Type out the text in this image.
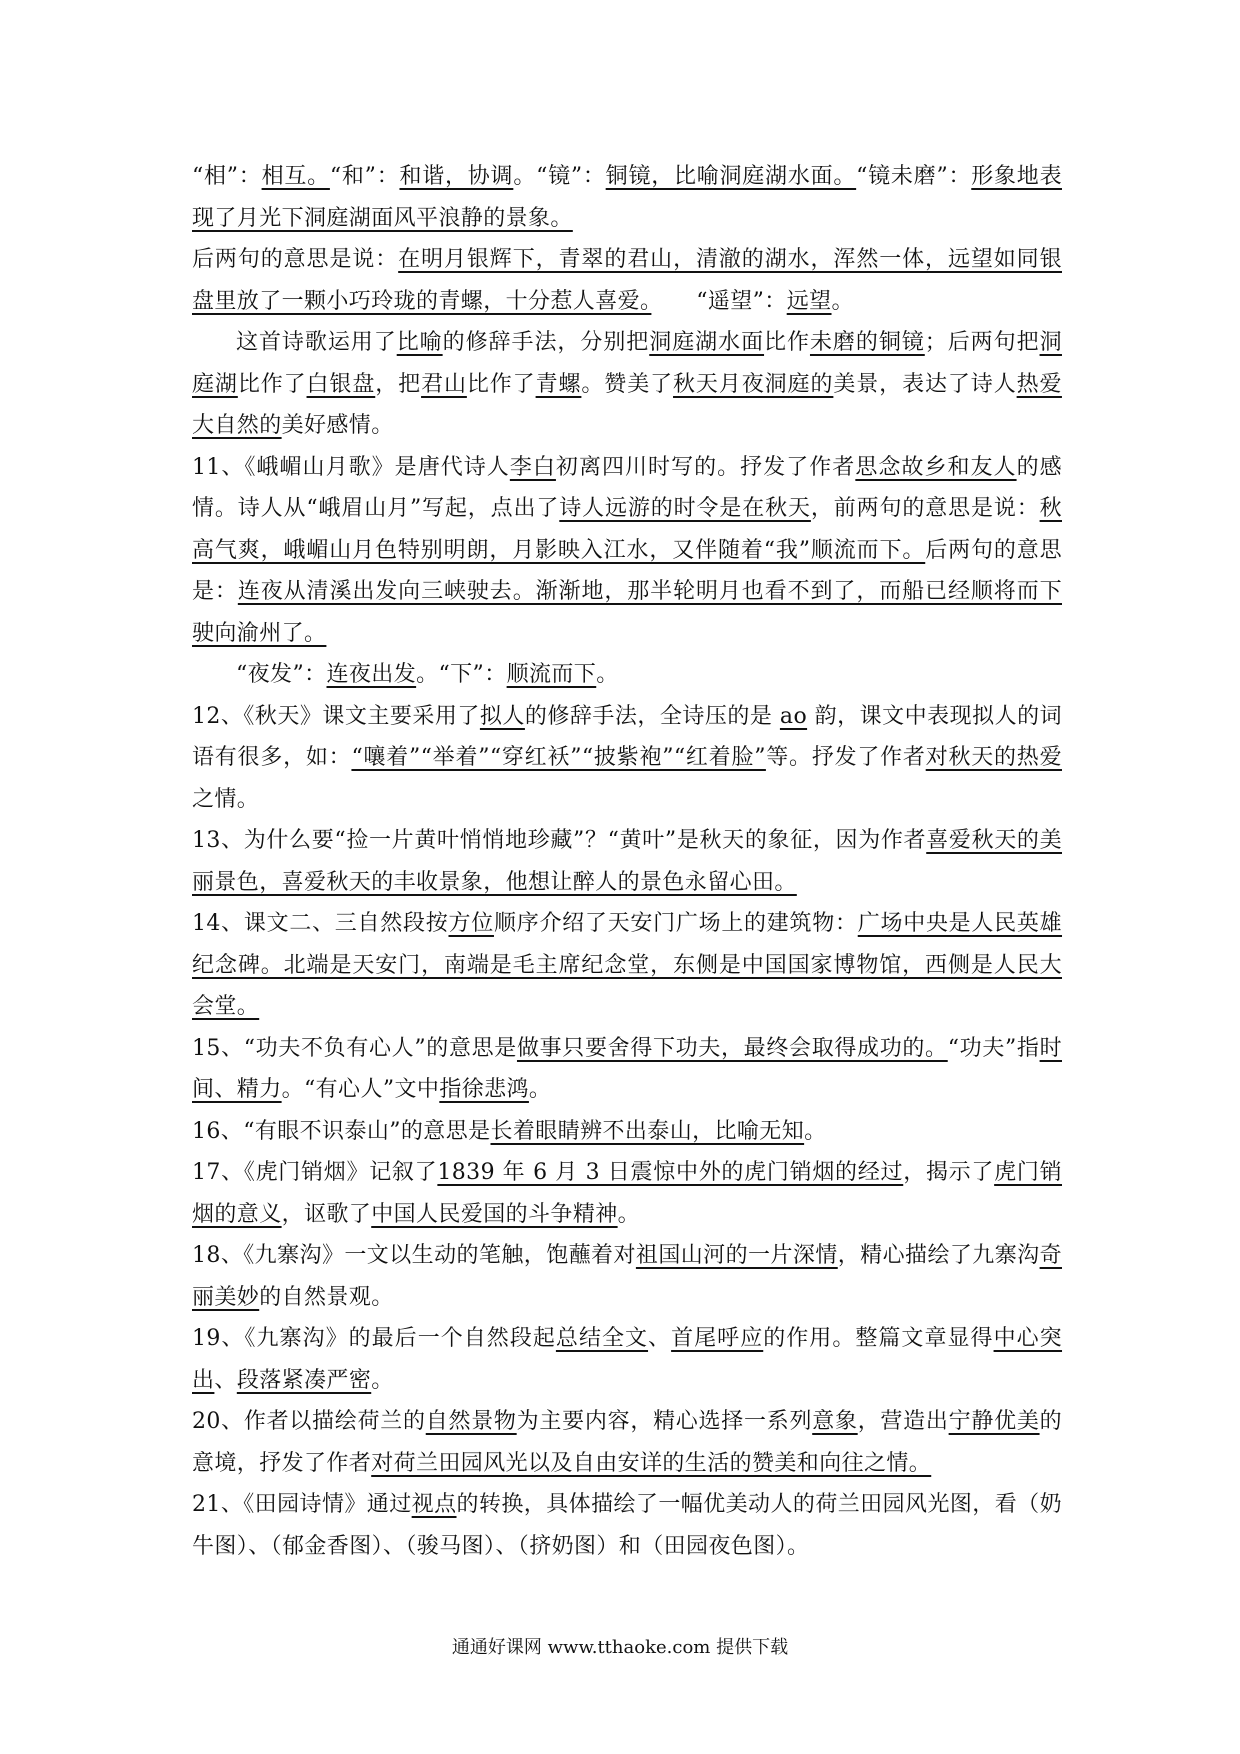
“相”：相互。“和”：和谐，协调。“镜”：铜镜，比喻洞庭湖水面。“镜未磨”：形象地表现了月光下洞庭湖面风平浪静的景象。

后两句的意思是说：在明月银辉下，青翠的君山，清澈的湖水，浑然一体，远望如同银盘里放了一颗小巧玲珑的青螺，十分惹人喜爱。　　“遥望”：远望。

这首诗歌运用了比喻的修辞手法，分别把洞庭湖水面比作未磨的铜镜；后两句把洞庭湖比作了白银盘，把君山比作了青螺。赞美了秋天月夜洞庭的美景，表达了诗人热爱大自然的美好感情。

11、《峨嵋山月歌》是唐代诗人李白初离四川时写的。抒发了作者思念故乡和友人的感情。诗人从“峨眉山月”写起，点出了诗人远游的时令是在秋天，前两句的意思是说：秋高气爽，峨嵋山月色特别明朗，月影映入江水，又伴随着“我”顺流而下。后两句的意思是：连夜从清溪出发向三峡驶去。渐渐地，那半轮明月也看不到了，而船已经顺将而下驶向渝州了。

“夜发”：连夜出发。“下”：顺流而下。

12、《秋天》课文主要采用了拟人的修辞手法，全诗压的是 ao 韵，课文中表现拟人的词语有很多，如：“嚷着”“举着”“穿红袄”“披紫袍”“红着脸”等。抒发了作者对秋天的热爱之情。

13、为什么要“捡一片黄叶悄悄地珍藏”？“黄叶”是秋天的象征，因为作者喜爱秋天的美丽景色，喜爱秋天的丰收景象，他想让醉人的景色永留心田。

14、课文二、三自然段按方位顺序介绍了天安门广场上的建筑物：广场中央是人民英雄纪念碑。北端是天安门，南端是毛主席纪念堂，东侧是中国国家博物馆，西侧是人民大会堂。

15、“功夫不负有心人”的意思是做事只要舍得下功夫，最终会取得成功的。“功夫”指时间、精力。“有心人”文中指徐悲鸿。

16、“有眼不识泰山”的意思是长着眼睛辨不出泰山，比喻无知。

17、《虎门销烟》记叙了1839 年 6 月 3 日震惊中外的虎门销烟的经过，揭示了虎门销烟的意义，讴歌了中国人民爱国的斗争精神。

18、《九寨沟》一文以生动的笔触，饱蘸着对祖国山河的一片深情，精心描绘了九寨沟奇丽美妙的自然景观。

19、《九寨沟》的最后一个自然段起总结全文、首尾呼应的作用。整篇文章显得中心突出、段落紧凑严密。

20、作者以描绘荷兰的自然景物为主要内容，精心选择一系列意象，营造出宁静优美的意境，抒发了作者对荷兰田园风光以及自由安详的生活的赞美和向往之情。

21、《田园诗情》通过视点的转换，具体描绘了一幅优美动人的荷兰田园风光图，看（奶牛图）、（郁金香图）、（骏马图）、（挤奶图）和（田园夜色图）。

通通好课网 www.tthaoke.com 提供下载
